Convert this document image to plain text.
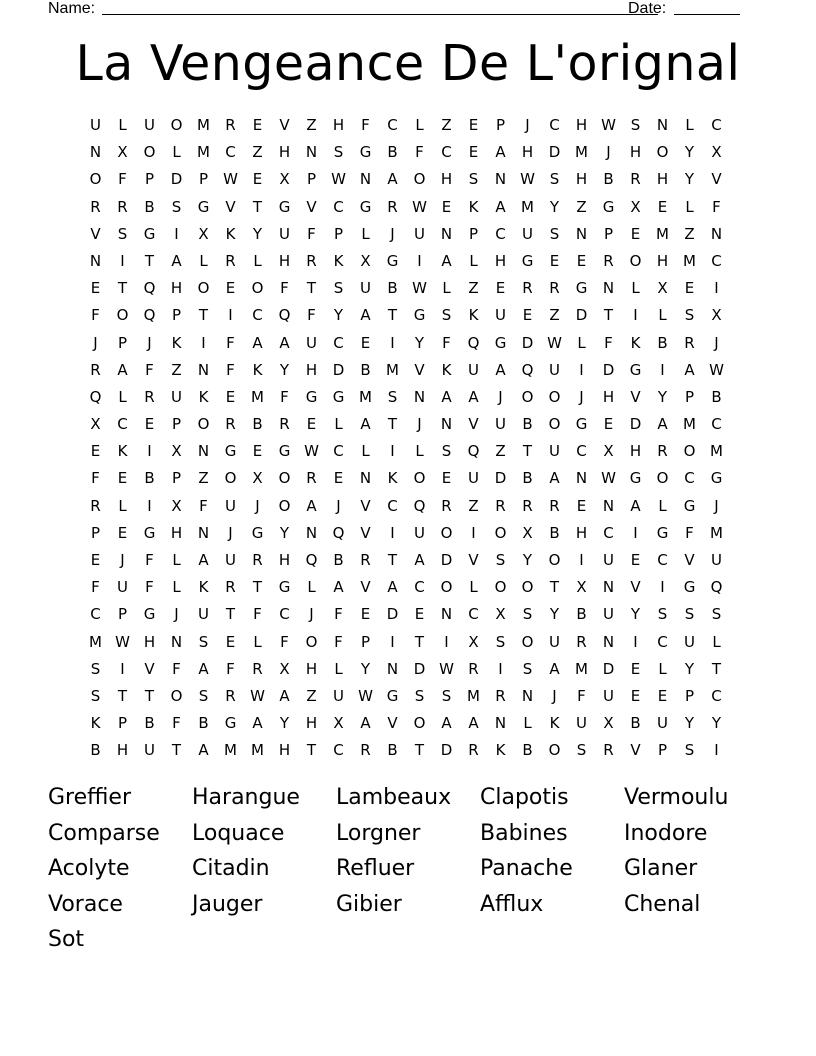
Name:	Date:
La Vengeance De L'orignal
U	L	U	O M	R	E	V	Z	H	F	C	L	Z	E	P	J	C	H W S	N	L	C
N	X	O	L	M	C	Z	H	N	S	G	B	F	C	E	A	H	D M	J	H	O	Y	X
O	F	P	D	P	W E	X	P	W N	A	O	H	S	N W S	H	B	R	H	Y	V
R	R	B	S	G	V	T	G	V	C	G	R W E	K	A	M	Y	Z	G	X	E	L	F
V	S	G	I	X	K	Y	U	F	P	L	J	U	N	P	C	U	S	N	P	E	M	Z	N
N	I	T	A	L	R	L	H	R	K	X	G	I	A	L	H	G	E	E	R	O	H M	C
E	T	Q	H	O	E	O	F	T	S	U	B W	L	Z	E	R	R	G	N	L	X	E	I
F	O	Q	P	T	I	C	Q	F	Y	A	T	G	S	K	U	E	Z	D	T	I	L	S	X
J	P	J	K	I	F	A	A	U	C	E	I	Y	F	Q	G	D W	L	F	K	B	R	J
R	A	F	Z	N	F	K	Y	H	D	B	M	V	K	U	A	Q	U	I	D	G	I	A W
Q	L	R	U	K	E	M	F	G	G M	S	N	A	A	J	O	O	J	H	V	Y	P	B
X	C	E	P	O	R	B	R	E	L	A	T	J	N	V	U	B	O	G	E	D	A	M	C
E	K	I	X	N	G	E	G W C	L	I	L	S	Q	Z	T	U	C	X	H	R	O M
F	E	B	P	Z	O	X	O	R	E	N	K	O	E	U	D	B	A	N W G	O	C	G
R	L	I	X	F	U	J	O	A	J	V	C	Q	R	Z	R	R	R	E	N	A	L	G	J
P	E	G	H	N	J	G	Y	N	Q	V	I	U	O	I	O	X	B	H	C	I	G	F	M
E	J	F	L	A	U	R	H	Q	B	R	T	A	D	V	S	Y	O	I	U	E	C	V	U
F	U	F	L	K	R	T	G	L	A	V	A	C	O	L	O	O	T	X	N	V	I	G	Q
C	P	G	J	U	T	F	C	J	F	E	D	E	N	C	X	S	Y	B	U	Y	S	S	S
M W H	N	S	E	L	F	O	F	P	I	T	I	X	S	O	U	R	N	I	C	U	L
S	I	V	F	A	F	R	X	H	L	Y	N	D W R	I	S	A	M D	E	L	Y	T
S	T	T	O	S	R W A	Z	U W G	S	S	M	R	N	J	F	U	E	E	P	C
K	P	B	F	B	G	A	Y	H	X	A	V	O	A	A	N	L	K	U	X	B	U	Y	Y
B	H	U	T	A	M M H	T	C	R	B	T	D	R	K	B	O	S	R	V	P	S	I
Greffier	Harangue	Lambeaux	Clapotis	Vermoulu
Comparse	Loquace	Lorgner	Babines	Inodore
Acolyte	Citadin	Refluer	Panache	Glaner
Vorace	Jauger	Gibier	Afflux	Chenal
Sot
